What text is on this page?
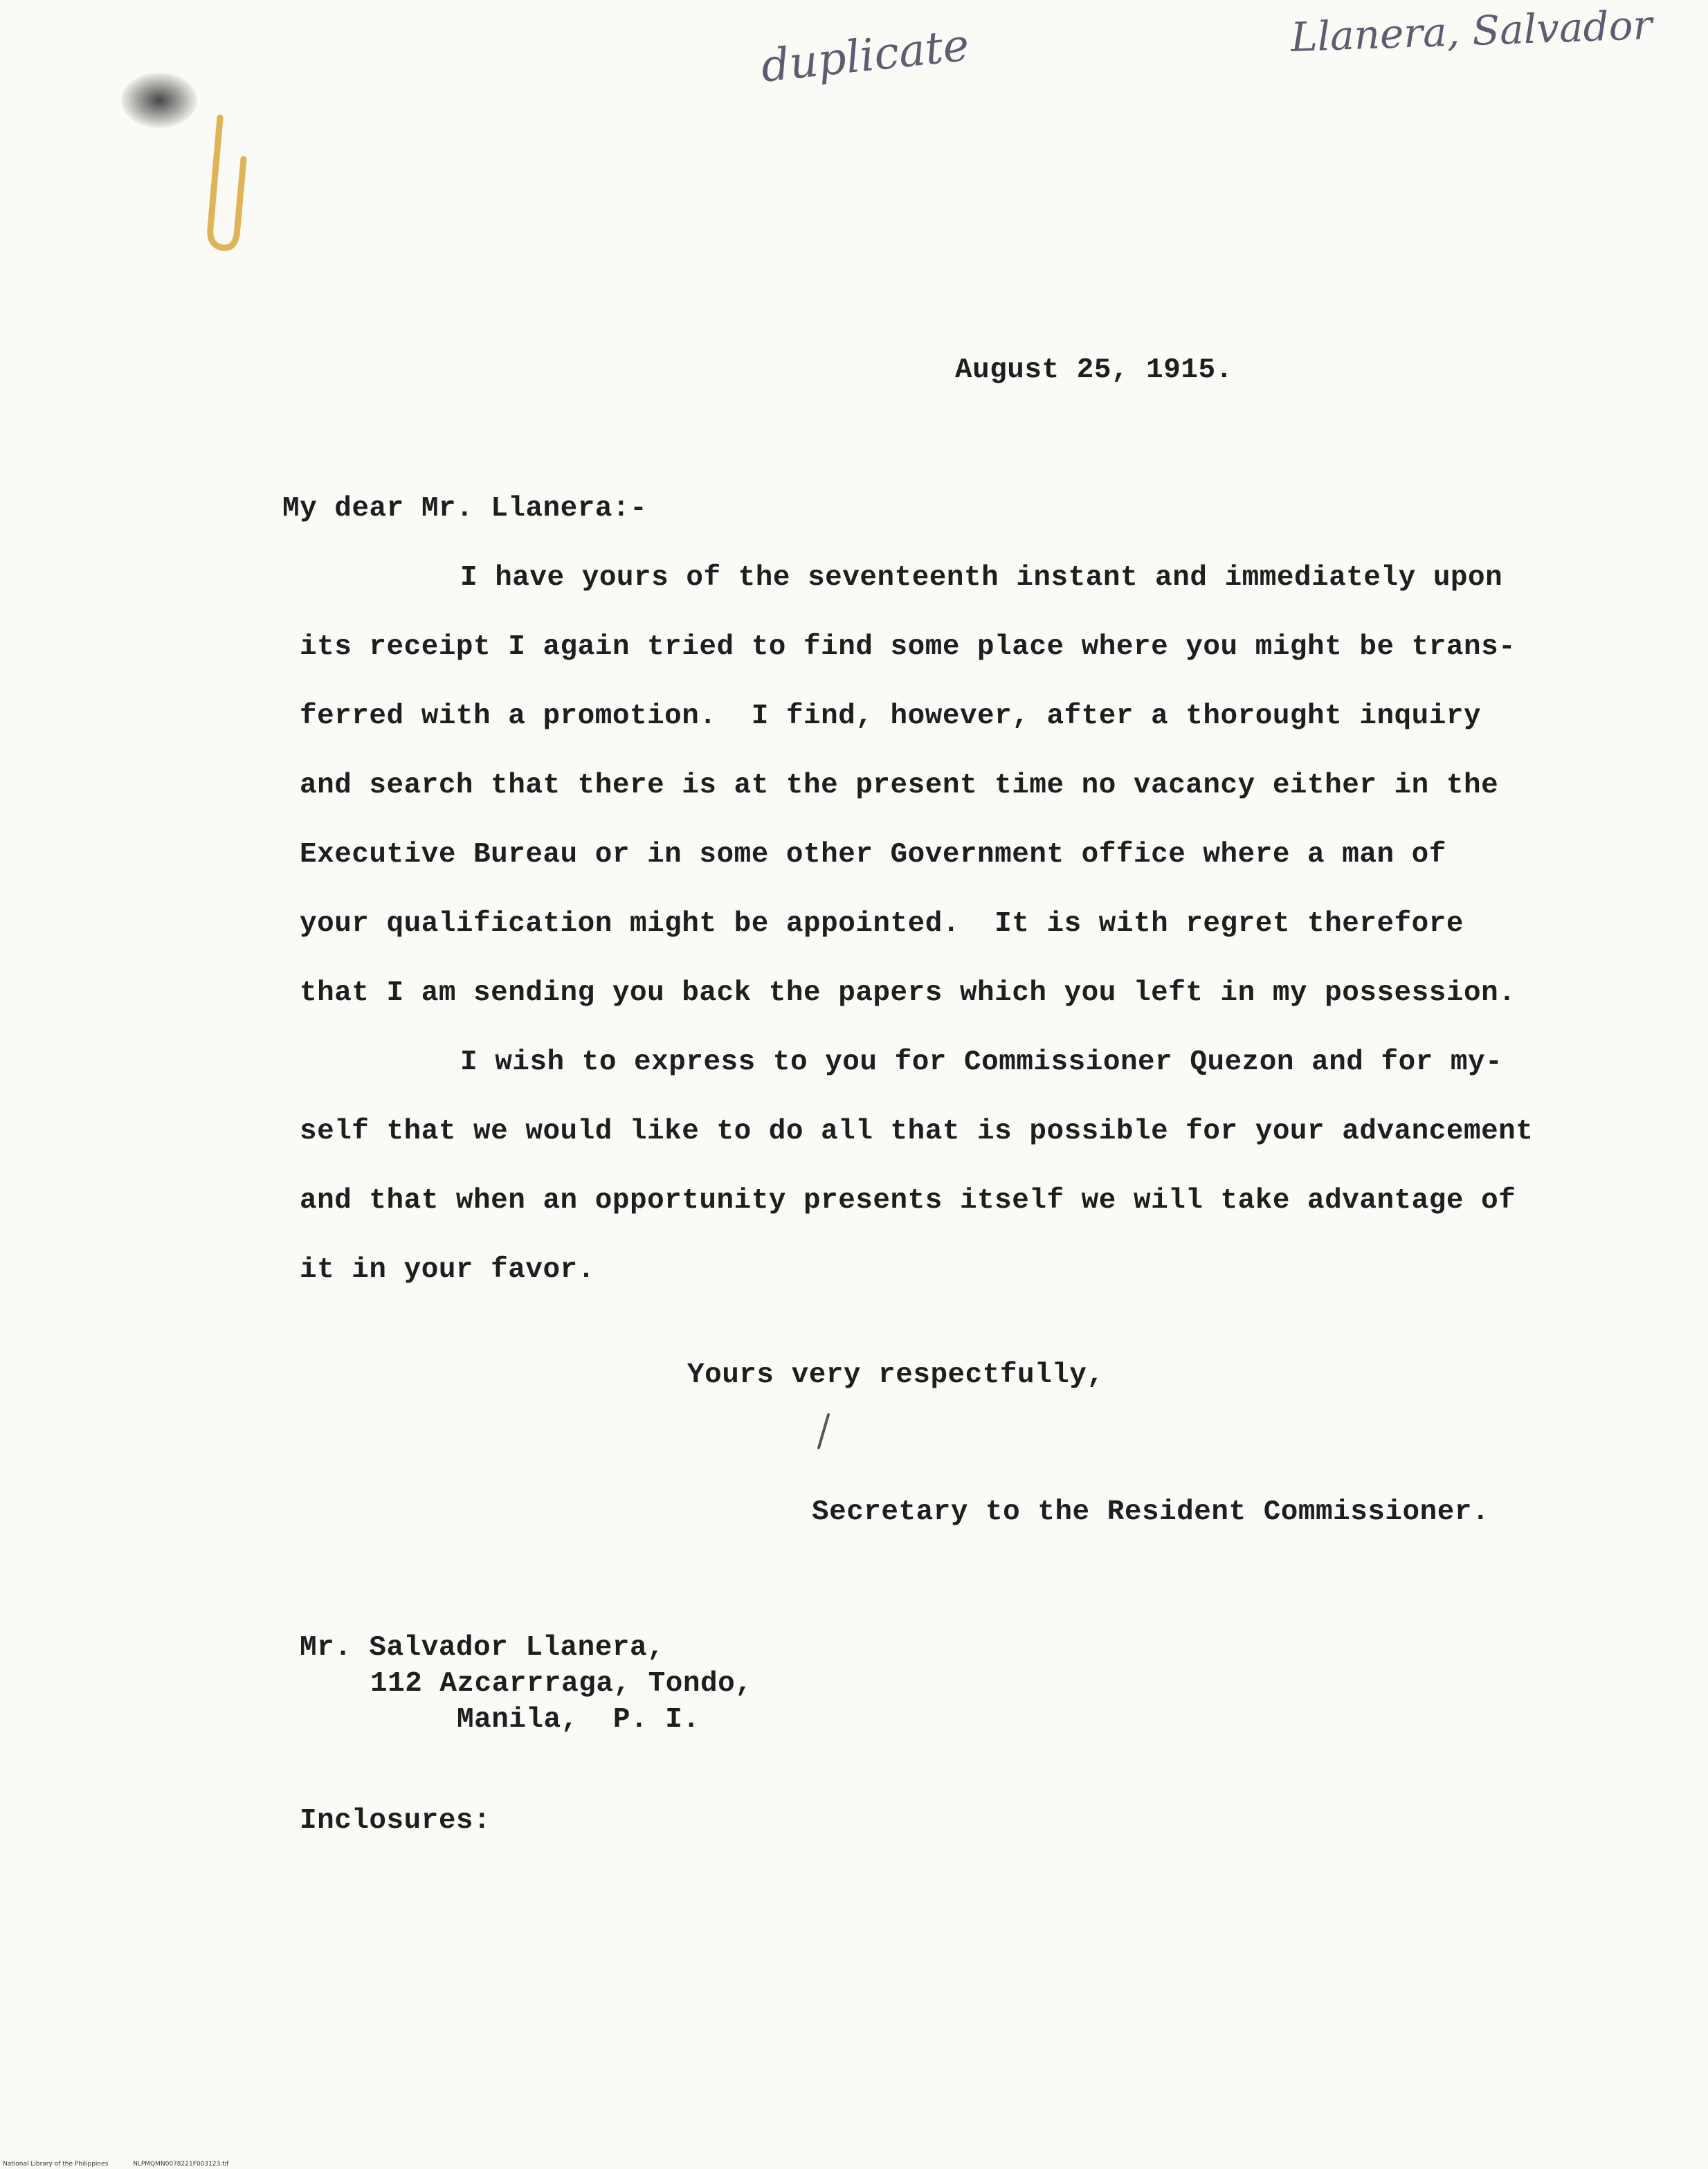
duplicate	Llanera, Salvador
August 25, 1915.
My dear Mr. Llanera:-
I have yours of the seventeenth instant and immediately upon
its receipt I again tried to find some place where you might be trans-
ferred with a promotion.  I find, however, after a thorought inquiry
and search that there is at the present time no vacancy either in the
Executive Bureau or in some other Government office where a man of
your qualification might be appointed.  It is with regret therefore
that I am sending you back the papers which you left in my possession.
I wish to express to you for Commissioner Quezon and for my-
self that we would like to do all that is possible for your advancement
and that when an opportunity presents itself we will take advantage of
it in your favor.
Yours very respectfully,
Secretary to the Resident Commissioner.
Mr. Salvador Llanera,
112 Azcarrraga, Tondo,
Manila,  P. I.
Inclosures:
National Library of the Philippines	NLPMQMN0078221F003123.tif
